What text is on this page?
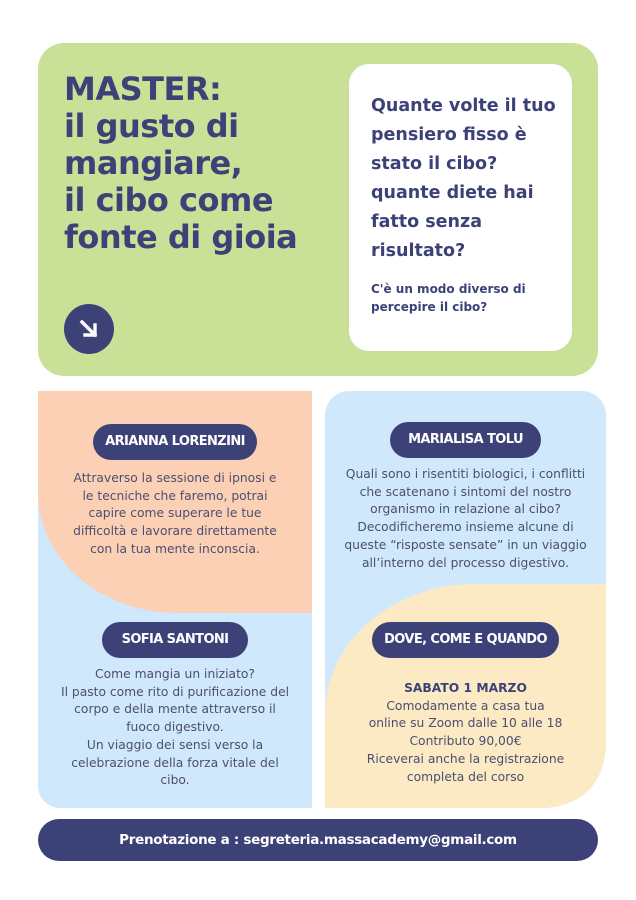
MASTER:
il gusto di
mangiare,
il cibo come
fonte di gioia

Quante volte il tuo
pensiero fisso è
stato il cibo?
quante diete hai
fatto senza
risultato?

C'è un modo diverso di
percepire il cibo?

ARIANNA LORENZINI

Attraverso la sessione di ipnosi e
le tecniche che faremo, potrai
capire come superare le tue
difficoltà e lavorare direttamente
con la tua mente inconscia.

MARIALISA TOLU

Quali sono i risentiti biologici, i conflitti
che scatenano i sintomi del nostro
organismo in relazione al cibo?
Decodificheremo insieme alcune di
queste “risposte sensate” in un viaggio
all’interno del processo digestivo.

SOFIA SANTONI

Come mangia un iniziato?
Il pasto come rito di purificazione del
corpo e della mente attraverso il
fuoco digestivo.
Un viaggio dei sensi verso la
celebrazione della forza vitale del
cibo.

DOVE, COME E QUANDO

SABATO 1 MARZO
Comodamente a casa tua
online su Zoom dalle 10 alle 18
Contributo 90,00€
Riceverai anche la registrazione
completa del corso

Prenotazione a : segreteria.massacademy@gmail.com
